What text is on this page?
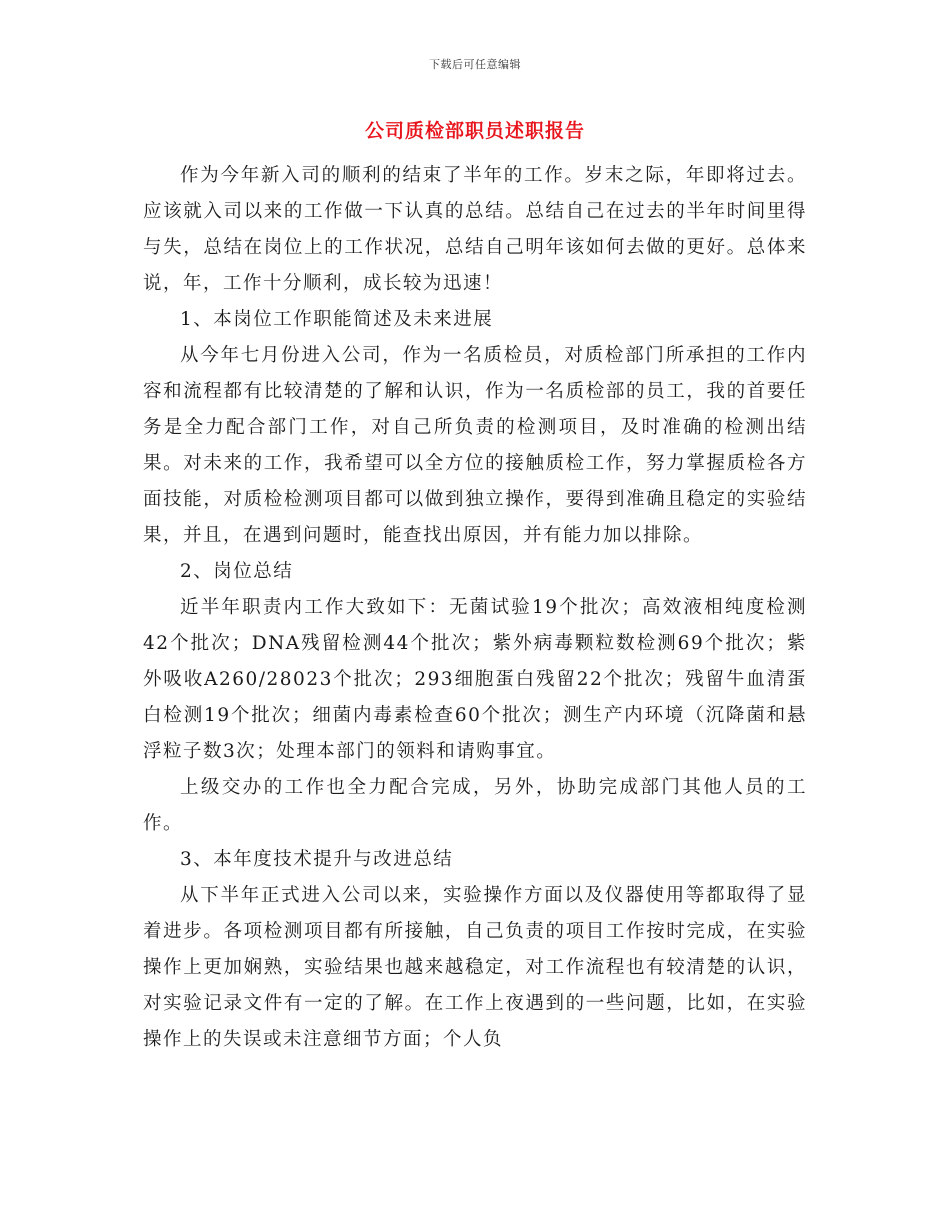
下载后可任意编辑
公司质检部职员述职报告

作为今年新入司的顺利的结束了半年的工作。岁末之际，年即将过去。应该就入司以来的工作做一下认真的总结。总结自己在过去的半年时间里得与失，总结在岗位上的工作状况，总结自己明年该如何去做的更好。总体来说，年，工作十分顺利，成长较为迅速！

1、本岗位工作职能简述及未来进展

从今年七月份进入公司，作为一名质检员，对质检部门所承担的工作内容和流程都有比较清楚的了解和认识，作为一名质检部的员工，我的首要任务是全力配合部门工作，对自己所负责的检测项目，及时准确的检测出结果。对未来的工作，我希望可以全方位的接触质检工作，努力掌握质检各方面技能，对质检检测项目都可以做到独立操作，要得到准确且稳定的实验结果，并且，在遇到问题时，能查找出原因，并有能力加以排除。

2、岗位总结

近半年职责内工作大致如下：无菌试验19个批次；高效液相纯度检测42个批次；DNA残留检测44个批次；紫外病毒颗粒数检测69个批次；紫外吸收A260/28023个批次；293细胞蛋白残留22个批次；残留牛血清蛋白检测19个批次；细菌内毒素检查60个批次；测生产内环境（沉降菌和悬浮粒子数3次；处理本部门的领料和请购事宜。

上级交办的工作也全力配合完成，另外，协助完成部门其他人员的工作。

3、本年度技术提升与改进总结

从下半年正式进入公司以来，实验操作方面以及仪器使用等都取得了显着进步。各项检测项目都有所接触，自己负责的项目工作按时完成，在实验操作上更加娴熟，实验结果也越来越稳定，对工作流程也有较清楚的认识，对实验记录文件有一定的了解。在工作上夜遇到的一些问题，比如，在实验操作上的失误或未注意细节方面；个人负
